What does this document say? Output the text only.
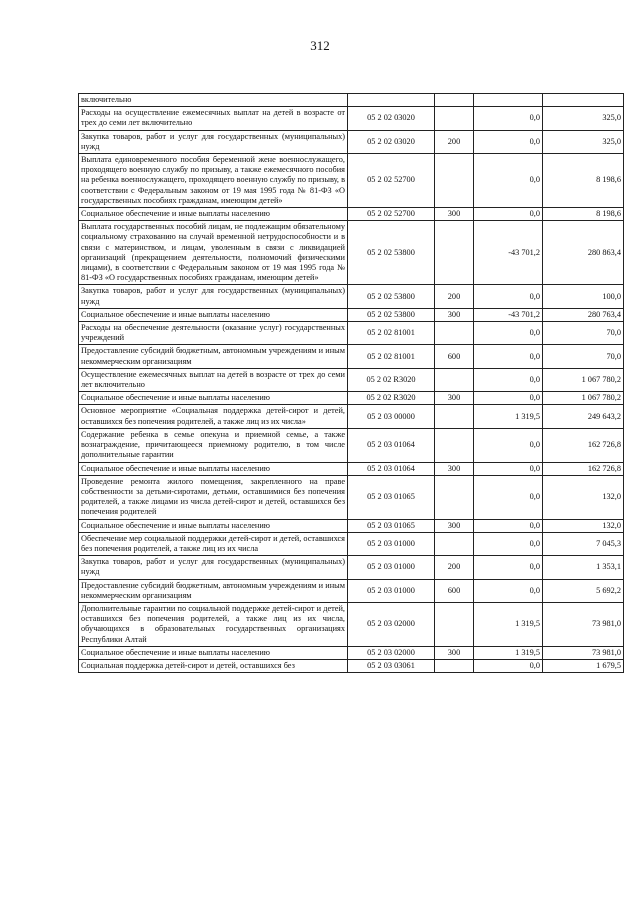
312
включительно				
Расходы на осуществление ежемесячных выплат на детей в возрасте от трех до семи лет включительно	05 2 02 03020		0,0	325,0
Закупка товаров, работ и услуг для государственных (муниципальных) нужд	05 2 02 03020	200	0,0	325,0
Выплата единовременного пособия беременной жене военнослужащего, проходящего военную службу по призыву, а также ежемесячного пособия на ребенка военнослужащего, проходящего военную службу по призыву, в соответствии с Федеральным законом от 19 мая 1995 года № 81-ФЗ «О государственных пособиях гражданам, имеющим детей»	05 2 02 52700		0,0	8 198,6
Социальное обеспечение и иные выплаты населению	05 2 02 52700	300	0,0	8 198,6
Выплата государственных пособий лицам, не подлежащим обязательному социальному страхованию на случай временной нетрудоспособности и в связи с материнством, и лицам, уволенным в связи с ликвидацией организаций (прекращением деятельности, полномочий физическими лицами), в соответствии с Федеральным законом от 19 мая 1995 года № 81-ФЗ «О государственных пособиях гражданам, имеющим детей»	05 2 02 53800		-43 701,2	280 863,4
Закупка товаров, работ и услуг для государственных (муниципальных) нужд	05 2 02 53800	200	0,0	100,0
Социальное обеспечение и иные выплаты населению	05 2 02 53800	300	-43 701,2	280 763,4
Расходы на обеспечение деятельности (оказание услуг) государственных учреждений	05 2 02 81001		0,0	70,0
Предоставление субсидий бюджетным, автономным учреждениям и иным некоммерческим организациям	05 2 02 81001	600	0,0	70,0
Осуществление ежемесячных выплат на детей в возрасте от трех до семи лет включительно	05 2 02 R3020		0,0	1 067 780,2
Социальное обеспечение и иные выплаты населению	05 2 02 R3020	300	0,0	1 067 780,2
Основное мероприятие «Социальная поддержка детей-сирот и детей, оставшихся без попечения родителей, а также лиц из их числа»	05 2 03 00000		1 319,5	249 643,2
Содержание ребенка в семье опекуна и приемной семье, а также вознаграждение, причитающееся приемному родителю, в том числе дополнительные гарантии	05 2 03 01064		0,0	162 726,8
Социальное обеспечение и иные выплаты населению	05 2 03 01064	300	0,0	162 726,8
Проведение ремонта жилого помещения, закрепленного на праве собственности за детьми-сиротами, детьми, оставшимися без попечения родителей, а также лицами из числа детей-сирот и детей, оставшихся без попечения родителей	05 2 03 01065		0,0	132,0
Социальное обеспечение и иные выплаты населению	05 2 03 01065	300	0,0	132,0
Обеспечение мер социальной поддержки детей-сирот и детей, оставшихся без попечения родителей, а также лиц из их числа	05 2 03 01000		0,0	7 045,3
Закупка товаров, работ и услуг для государственных (муниципальных) нужд	05 2 03 01000	200	0,0	1 353,1
Предоставление субсидий бюджетным, автономным учреждениям и иным некоммерческим организациям	05 2 03 01000	600	0,0	5 692,2
Дополнительные гарантии по социальной поддержке детей-сирот и детей, оставшихся без попечения родителей, а также лиц из их числа, обучающихся в образовательных государственных организациях Республики Алтай	05 2 03 02000		1 319,5	73 981,0
Социальное обеспечение и иные выплаты населению	05 2 03 02000	300	1 319,5	73 981,0
Социальная поддержка детей-сирот и детей, оставшихся без	05 2 03 03061		0,0	1 679,5
